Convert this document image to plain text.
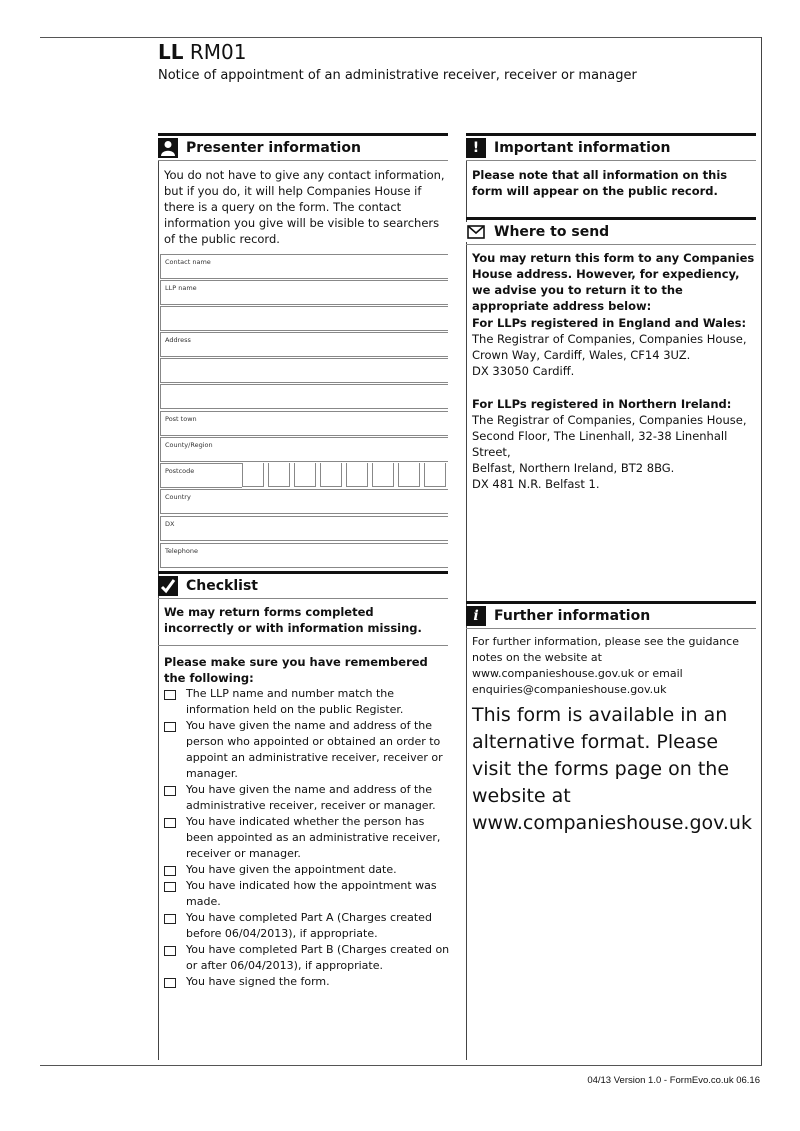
LL RM01
Notice of appointment of an administrative receiver, receiver or manager
Presenter information
You do not have to give any contact information, but if you do, it will help Companies House if there is a query on the form. The contact information you give will be visible to searchers of the public record.
Contact name
LLP name
Address
Post town
County/Region
Postcode
Country
DX
Telephone
Checklist
We may return forms completed incorrectly or with information missing.
Please make sure you have remembered the following:
The LLP name and number match the information held on the public Register.
You have given the name and address of the person who appointed or obtained an order to appoint an administrative receiver, receiver or manager.
You have given the name and address of the administrative receiver, receiver or manager.
You have indicated whether the person has been appointed as an administrative receiver, receiver or manager.
You have given the appointment date.
You have indicated how the appointment was made.
You have completed Part A (Charges created before 06/04/2013), if appropriate.
You have completed Part B (Charges created on or after 06/04/2013), if appropriate.
You have signed the form.
!	Important information
Please note that all information on this form will appear on the public record.
Where to send
You may return this form to any Companies House address. However, for expediency, we advise you to return it to the appropriate address below:
For LLPs registered in England and Wales:
The Registrar of Companies, Companies House,
Crown Way, Cardiff, Wales, CF14 3UZ.
DX 33050 Cardiff.
For LLPs registered in Northern Ireland:
The Registrar of Companies, Companies House,
Second Floor, The Linenhall, 32-38 Linenhall Street,
Belfast, Northern Ireland, BT2 8BG.
DX 481 N.R. Belfast 1.
i	Further information
For further information, please see the guidance notes on the website at www.companieshouse.gov.uk or email enquiries@companieshouse.gov.uk
This form is available in an alternative format. Please visit the forms page on the website at www.companieshouse.gov.uk
04/13 Version 1.0 - FormEvo.co.uk 06.16
